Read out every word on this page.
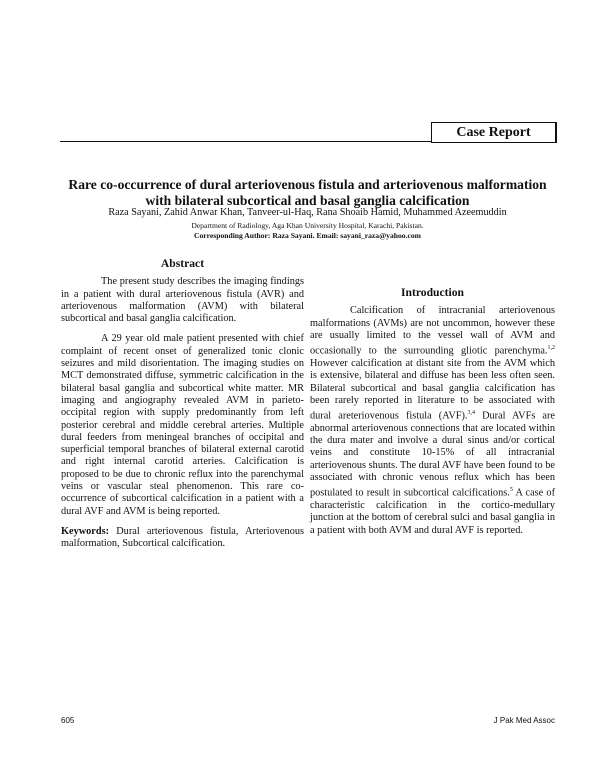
Case Report
Rare co-occurrence of dural arteriovenous fistula and arteriovenous malformation with bilateral subcortical and basal ganglia calcification
Raza Sayani, Zahid Anwar Khan, Tanveer-ul-Haq, Rana Shoaib Hamid, Muhammed Azeemuddin
Department of Radiology, Aga Khan University Hospital, Karachi, Pakistan.
Corresponding Author: Raza Sayani. Email: sayani_raza@yahoo.com
Abstract

The present study describes the imaging findings in a patient with dural arteriovenous fistula (AVR) and arteriovenous malformation (AVM) with bilateral subcortical and basal ganglia calcification.

A 29 year old male patient presented with chief complaint of recent onset of generalized tonic clonic seizures and mild disorientation. The imaging studies on MCT demonstrated diffuse, symmetric calcification in the bilateral basal ganglia and subcortical white matter. MR imaging and angiography revealed AVM in parieto-occipital region with supply predominantly from left posterior cerebral and middle cerebral arteries. Multiple dural feeders from meningeal branches of occipital and superficial temporal branches of bilateral external carotid and right internal carotid arteries. Calcification is proposed to be due to chronic reflux into the parenchymal veins or vascular steal phenomenon. This rare co-occurrence of subcortical calcification in a patient with a dural AVF and AVM is being reported.

Keywords: Dural arteriovenous fistula, Arteriovenous malformation, Subcortical calcification.

Introduction

Calcification of intracranial arteriovenous malformations (AVMs) are not uncommon, however these are usually limited to the vessel wall of AVM and occasionally to the surrounding gliotic parenchyma.$^{1,2}$ However calcification at distant site from the AVM which is extensive, bilateral and diffuse has been less often seen. Bilateral subcortical and basal ganglia calcification has been rarely reported in literature to be associated with dural areteriovenous fistula (AVF).$^{3,4}$ Dural AVFs are abnormal arteriovenous connections that are located within the dura mater and involve a dural sinus and/or cortical veins and constitute 10-15% of all intracranial arteriovenous shunts. The dural AVF have been found to be associated with chronic venous reflux which has been postulated to result in subcortical calcifications.$^5$ A case of characteristic calcification in the cortico-medullary junction at the bottom of cerebral sulci and basal ganglia in a patient with both AVM and dural AVF is reported.

605	J Pak Med Assoc
